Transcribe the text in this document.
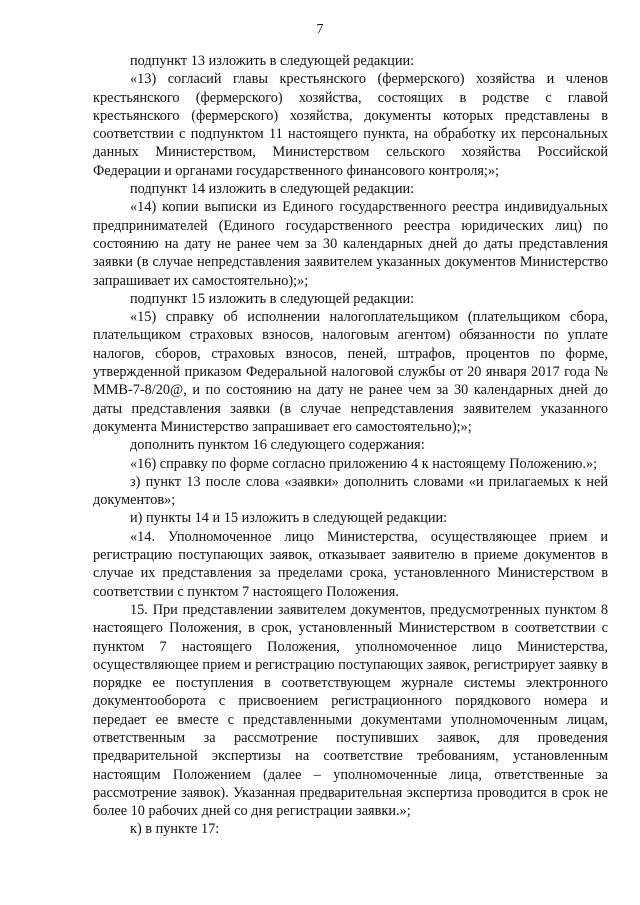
7

подпункт 13 изложить в следующей редакции:

«13) согласий главы крестьянского (фермерского) хозяйства и членов крестьянского (фермерского) хозяйства, состоящих в родстве с главой крестьянского (фермерского) хозяйства, документы которых представлены в соответствии с подпунктом 11 настоящего пункта, на обработку их персональных данных Министерством, Министерством сельского хозяйства Российской Федерации и органами государственного финансового контроля;»;

подпункт 14 изложить в следующей редакции:

«14) копии выписки из Единого государственного реестра индивидуальных предпринимателей (Единого государственного реестра юридических лиц) по состоянию на дату не ранее чем за 30 календарных дней до даты представления заявки (в случае непредставления заявителем указанных документов Министерство запрашивает их самостоятельно);»;

подпункт 15 изложить в следующей редакции:

«15) справку об исполнении налогоплательщиком (плательщиком сбора, плательщиком страховых взносов, налоговым агентом) обязанности по уплате налогов, сборов, страховых взносов, пеней, штрафов, процентов по форме, утвержденной приказом Федеральной налоговой службы от 20 января 2017 года № ММВ-7-8/20@, и по состоянию на дату не ранее чем за 30 календарных дней до даты представления заявки (в случае непредставления заявителем указанного документа Министерство запрашивает его самостоятельно);»;

дополнить пунктом 16 следующего содержания:

«16) справку по форме согласно приложению 4 к настоящему Положению.»;

з) пункт 13 после слова «заявки» дополнить словами «и прилагаемых к ней документов»;

и) пункты 14 и 15 изложить в следующей редакции:

«14. Уполномоченное лицо Министерства, осуществляющее прием и регистрацию поступающих заявок, отказывает заявителю в приеме документов в случае их представления за пределами срока, установленного Министерством в соответствии с пунктом 7 настоящего Положения.

15. При представлении заявителем документов, предусмотренных пунктом 8 настоящего Положения, в срок, установленный Министерством в соответствии с пунктом 7 настоящего Положения, уполномоченное лицо Министерства, осуществляющее прием и регистрацию поступающих заявок, регистрирует заявку в порядке ее поступления в соответствующем журнале системы электронного документооборота с присвоением регистрационного порядкового номера и передает ее вместе с представленными документами уполномоченным лицам, ответственным за рассмотрение поступивших заявок, для проведения предварительной экспертизы на соответствие требованиям, установленным настоящим Положением (далее – уполномоченные лица, ответственные за рассмотрение заявок). Указанная предварительная экспертиза проводится в срок не более 10 рабочих дней со дня регистрации заявки.»;

к) в пункте 17:
